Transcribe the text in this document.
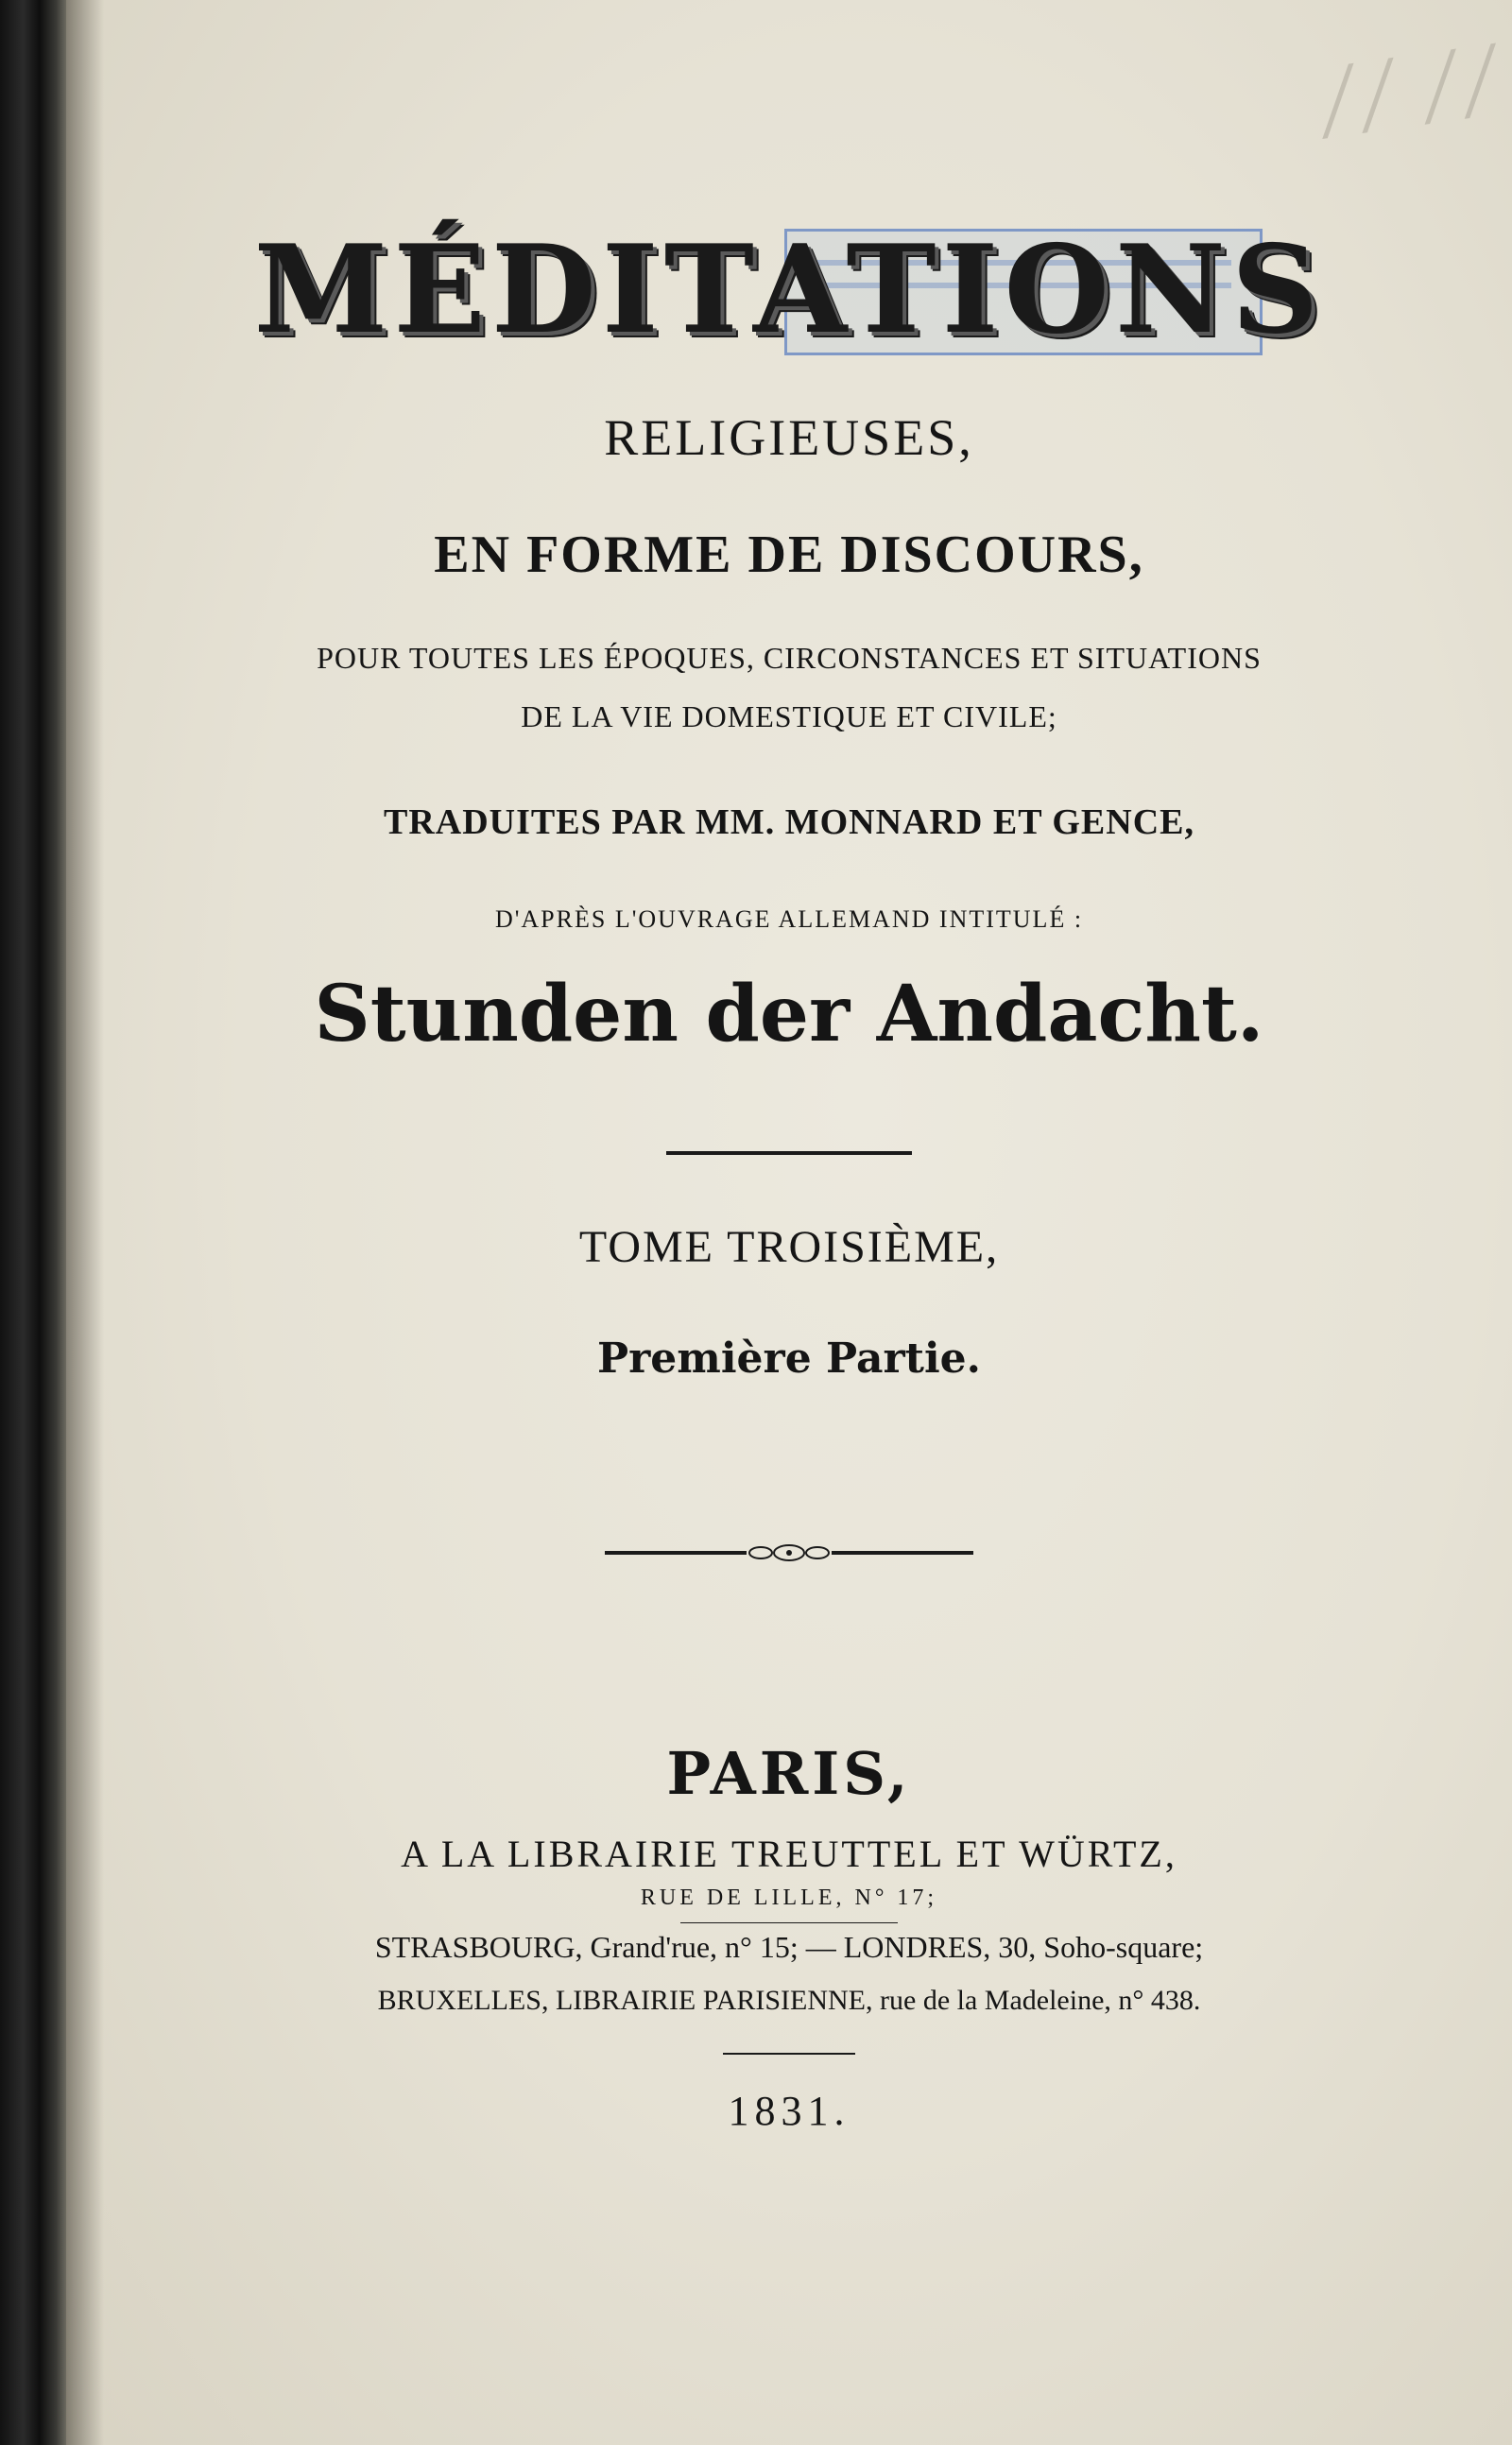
╱╱ ╱╱

MÉDITATIONS

RELIGIEUSES,

EN FORME DE DISCOURS,

POUR TOUTES LES ÉPOQUES, CIRCONSTANCES ET SITUATIONS

DE LA VIE DOMESTIQUE ET CIVILE;

TRADUITES PAR MM. MONNARD ET GENCE,

D'APRÈS L'OUVRAGE ALLEMAND INTITULÉ :

Stunden der Andacht.

TOME TROISIÈME,

Première Partie.

PARIS,

A LA LIBRAIRIE TREUTTEL ET WÜRTZ,

RUE DE LILLE, N° 17;

STRASBOURG, Grand'rue, n° 15; — LONDRES, 30, Soho-square;

BRUXELLES, LIBRAIRIE PARISIENNE, rue de la Madeleine, n° 438.

1831.
